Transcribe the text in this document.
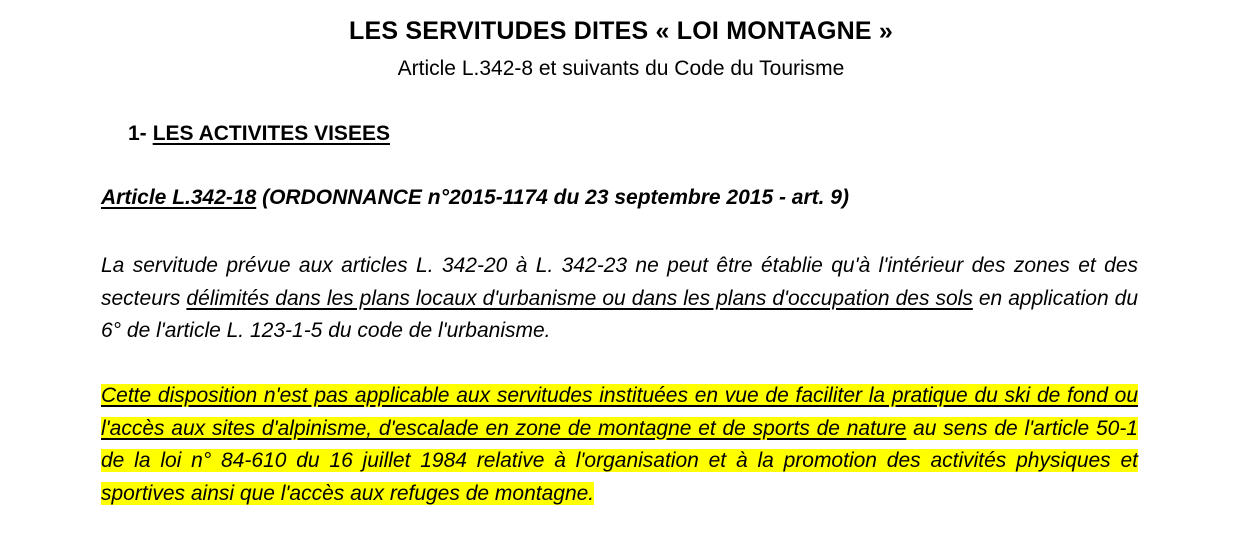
LES SERVITUDES DITES « LOI MONTAGNE »
Article L.342-8 et suivants du Code du Tourisme
1- LES ACTIVITES VISEES
Article L.342-18 (ORDONNANCE n°2015-1174 du 23 septembre 2015 - art. 9)
La servitude prévue aux articles L. 342-20 à L. 342-23 ne peut être établie qu'à l'intérieur des zones et des secteurs délimités dans les plans locaux d'urbanisme ou dans les plans d'occupation des sols en application du 6° de l'article L. 123-1-5 du code de l'urbanisme.
Cette disposition n'est pas applicable aux servitudes instituées en vue de faciliter la pratique du ski de fond ou l'accès aux sites d'alpinisme, d'escalade en zone de montagne et de sports de nature au sens de l'article 50-1 de la loi n° 84-610 du 16 juillet 1984 relative à l'organisation et à la promotion des activités physiques et sportives ainsi que l'accès aux refuges de montagne.
